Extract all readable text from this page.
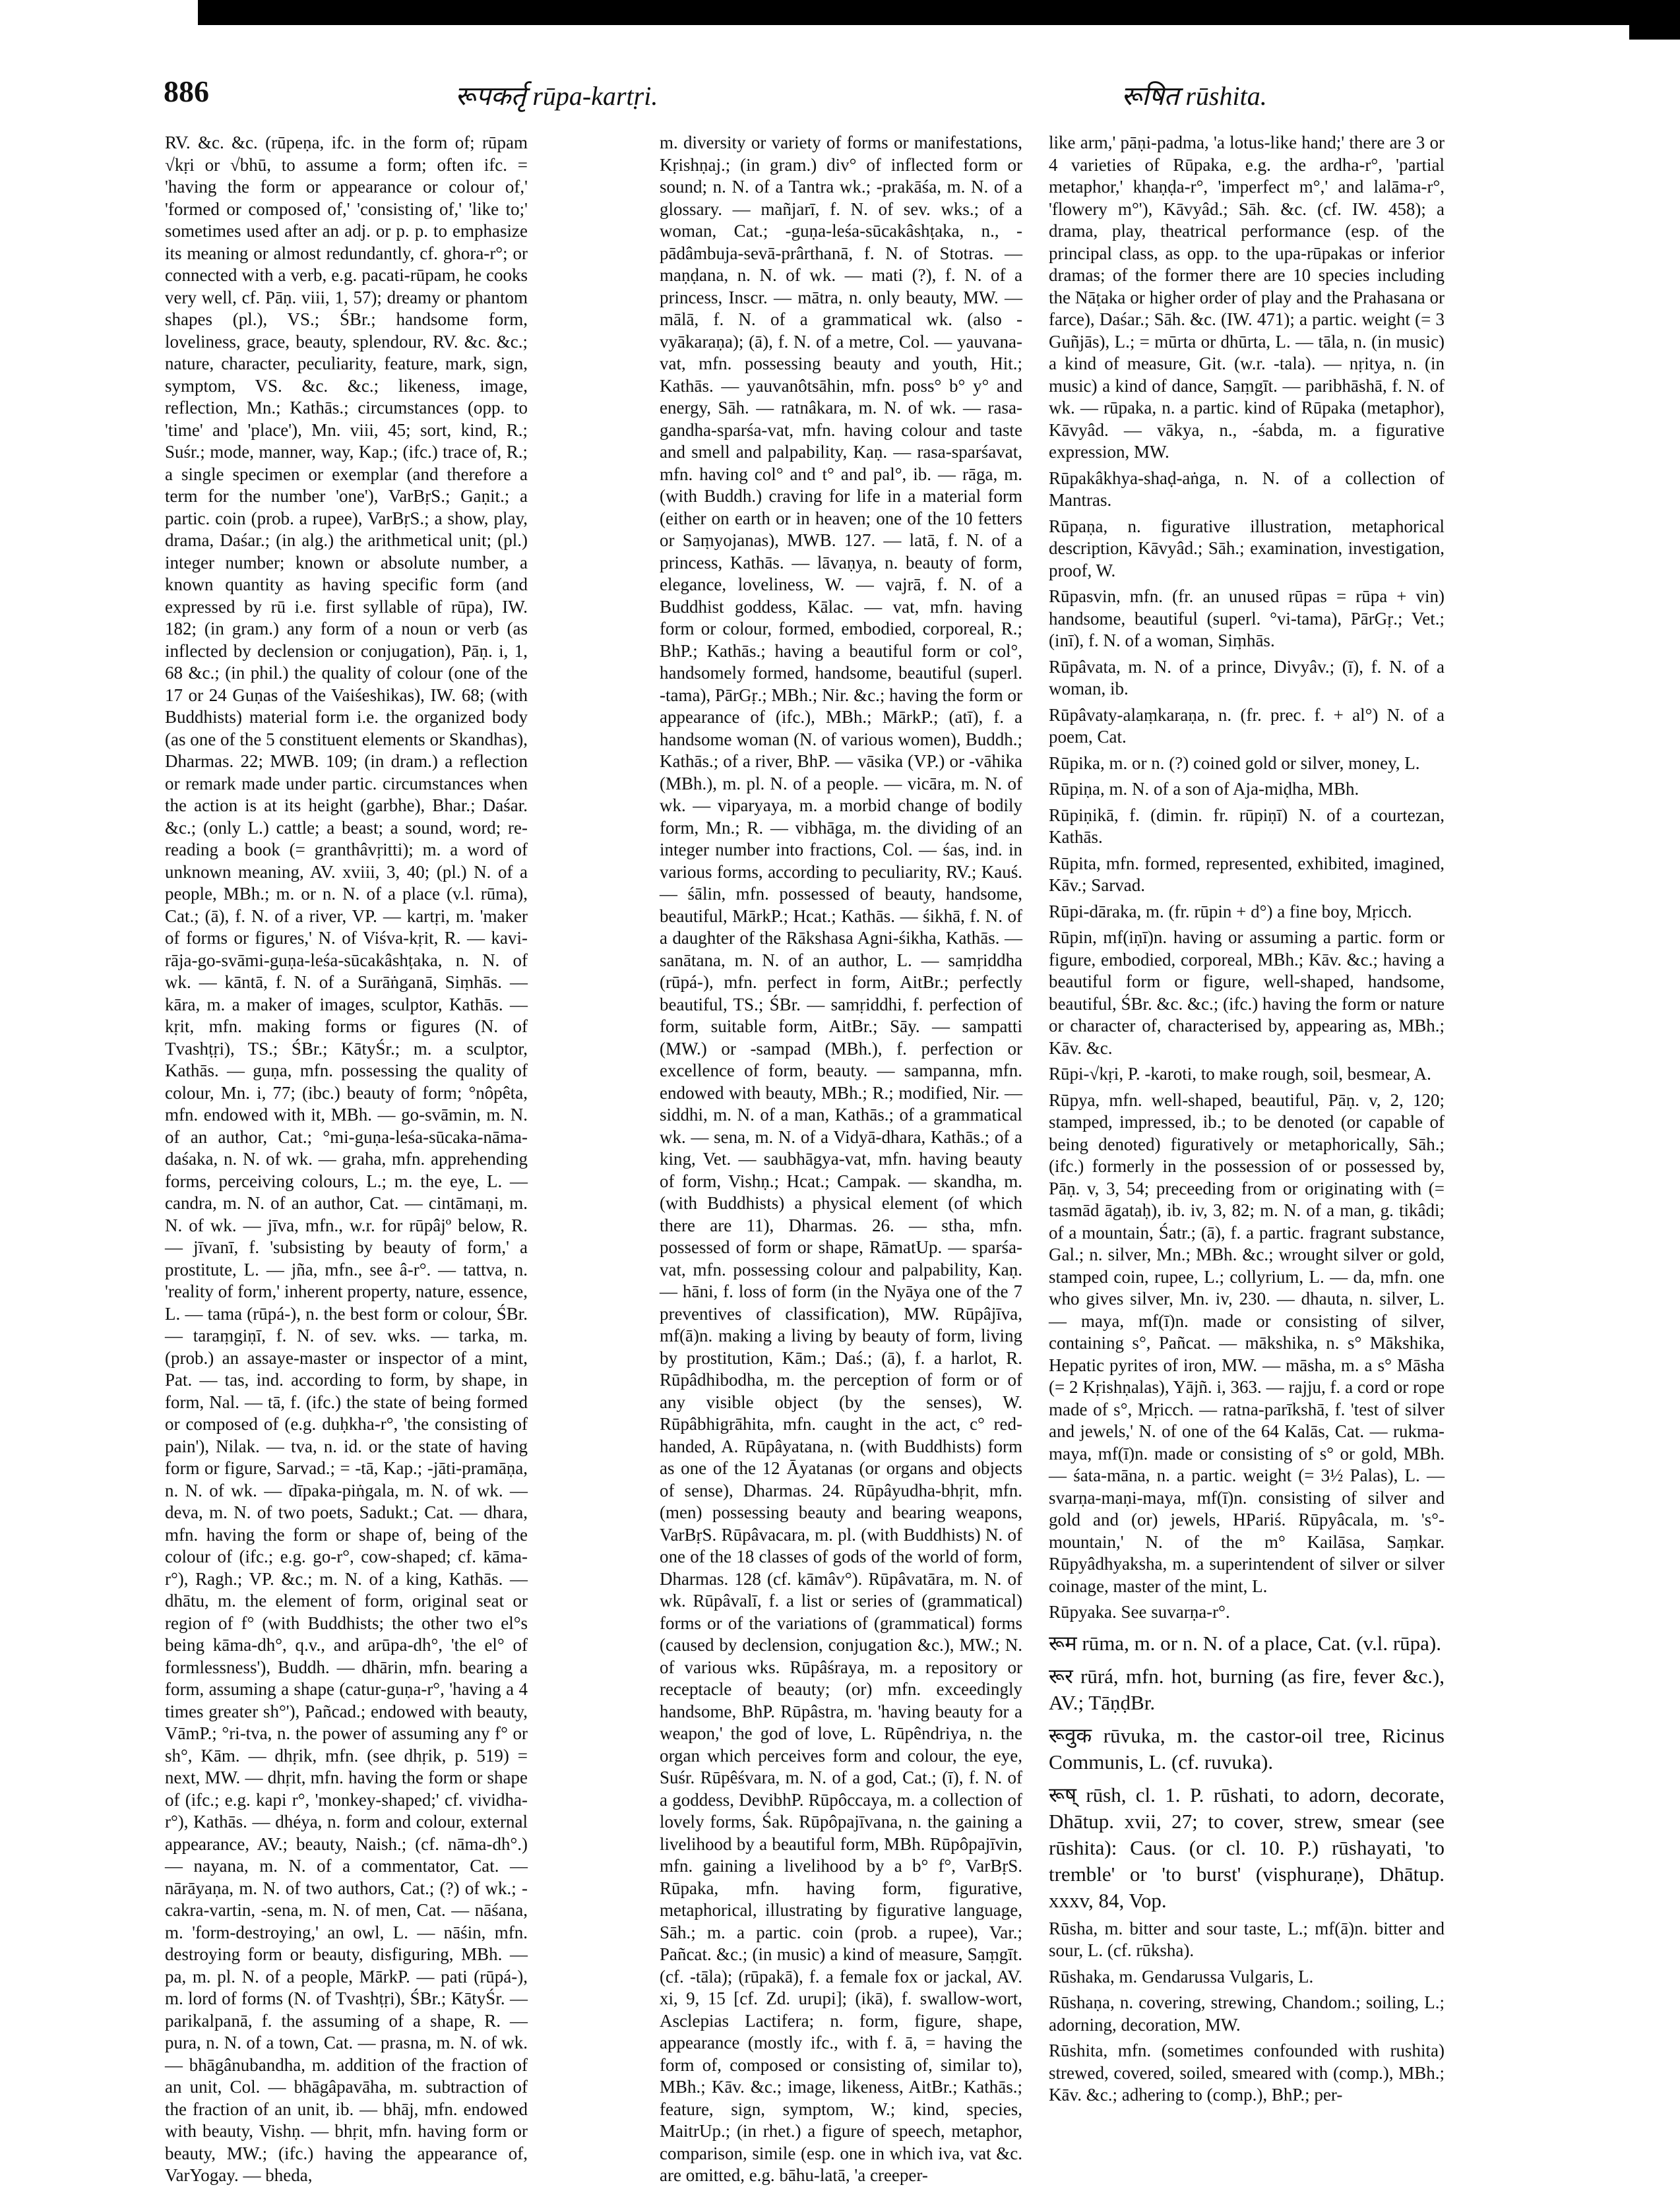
886	रूपकर्तृ rūpa-kartṛi.	रूषित rūshita.

RV. &c. &c. (rūpeṇa, ifc. in the form of; rūpam √kṛi or √bhū, to assume a form; often ifc. = 'having the form or appearance or colour of,' 'formed or composed of,' 'consisting of,' 'like to;' sometimes used after an adj. or p. p. to emphasize its meaning or almost redundantly, cf. ghora-r°; or connected with a verb, e.g. pacati-rūpam, he cooks very well, cf. Pāṇ. viii, 1, 57); dreamy or phantom shapes (pl.), VS.; ŚBr.; handsome form, loveliness, grace, beauty, splendour, RV. &c. &c.; nature, character, peculiarity, feature, mark, sign, symptom, VS. &c. &c.; likeness, image, reflection, Mn.; Kathās.; circumstances (opp. to 'time' and 'place'), Mn. viii, 45; sort, kind, R.; Suśr.; mode, manner, way, Kap.; (ifc.) trace of, R.; a single specimen or exemplar (and therefore a term for the number 'one'), VarBṛS.; Gaṇit.; a partic. coin (prob. a rupee), VarBṛS.; a show, play, drama, Daśar.; (in alg.) the arithmetical unit; (pl.) integer number; known or absolute number, a known quantity as having specific form (and expressed by rū i.e. first syllable of rūpa), IW. 182; (in gram.) any form of a noun or verb (as inflected by declension or conjugation), Pāṇ. i, 1, 68 &c.; (in phil.) the quality of colour (one of the 17 or 24 Guṇas of the Vaiśeshikas), IW. 68; (with Buddhists) material form i.e. the organized body (as one of the 5 constituent elements or Skandhas), Dharmas. 22; MWB. 109; (in dram.) a reflection or remark made under partic. circumstances when the action is at its height (garbhe), Bhar.; Daśar. &c.; (only L.) cattle; a beast; a sound, word; re-reading a book (= granthâvṛitti); m. a word of unknown meaning, AV. xviii, 3, 40; (pl.) N. of a people, MBh.; m. or n. N. of a place (v.l. rūma), Cat.; (ā), f. N. of a river, VP. — kartṛi, m. 'maker of forms or figures,' N. of Viśva-kṛit, R. — kavi-rāja-go-svāmi-guṇa-leśa-sūcakâshṭaka, n. N. of wk. — kāntā, f. N. of a Surāṅganā, Siṃhās. — kāra, m. a maker of images, sculptor, Kathās. — kṛit, mfn. making forms or figures (N. of Tvashṭṛi), TS.; ŚBr.; KātyŚr.; m. a sculptor, Kathās. — guṇa, mfn. possessing the quality of colour, Mn. i, 77; (ibc.) beauty of form; °nôpêta, mfn. endowed with it, MBh. — go-svāmin, m. N. of an author, Cat.; °mi-guṇa-leśa-sūcaka-nāma-daśaka, n. N. of wk. — graha, mfn. apprehending forms, perceiving colours, L.; m. the eye, L. — candra, m. N. of an author, Cat. — cintāmaṇi, m. N. of wk. — jīva, mfn., w.r. for rūpâjº below, R. — jīvanī, f. 'subsisting by beauty of form,' a prostitute, L. — jña, mfn., see â-r°. — tattva, n. 'reality of form,' inherent property, nature, essence, L. — tama (rūpá-), n. the best form or colour, ŚBr. — taraṃgiṇī, f. N. of sev. wks. — tarka, m. (prob.) an assaye-master or inspector of a mint, Pat. — tas, ind. according to form, by shape, in form, Nal. — tā, f. (ifc.) the state of being formed or composed of (e.g. duḥkha-r°, 'the consisting of pain'), Nilak. — tva, n. id. or the state of having form or figure, Sarvad.; = -tā, Kap.; -jāti-pramāṇa, n. N. of wk. — dīpaka-piṅgala, m. N. of wk. — deva, m. N. of two poets, Sadukt.; Cat. — dhara, mfn. having the form or shape of, being of the colour of (ifc.; e.g. go-r°, cow-shaped; cf. kāma-r°), Ragh.; VP. &c.; m. N. of a king, Kathās. — dhātu, m. the element of form, original seat or region of f° (with Buddhists; the other two el°s being kāma-dh°, q.v., and arūpa-dh°, 'the el° of formlessness'), Buddh. — dhārin, mfn. bearing a form, assuming a shape (catur-guṇa-r°, 'having a 4 times greater sh°'), Pañcad.; endowed with beauty, VāmP.; °ri-tva, n. the power of assuming any f° or sh°, Kām. — dhṛik, mfn. (see dhṛik, p. 519) = next, MW. — dhṛit, mfn. having the form or shape of (ifc.; e.g. kapi r°, 'monkey-shaped;' cf. vividha-r°), Kathās. — dhéya, n. form and colour, external appearance, AV.; beauty, Naish.; (cf. nāma-dh°.) — nayana, m. N. of a commentator, Cat. — nārāyaṇa, m. N. of two authors, Cat.; (?) of wk.; -cakra-vartin, -sena, m. N. of men, Cat. — nāśana, m. 'form-destroying,' an owl, L. — nāśin, mfn. destroying form or beauty, disfiguring, MBh. — pa, m. pl. N. of a people, MārkP. — pati (rūpá-), m. lord of forms (N. of Tvashṭṛi), ŚBr.; KātyŚr. — parikalpanā, f. the assuming of a shape, R. — pura, n. N. of a town, Cat. — prasna, m. N. of wk. — bhāgânubandha, m. addition of the fraction of an unit, Col. — bhāgâpavāha, m. subtraction of the fraction of an unit, ib. — bhāj, mfn. endowed with beauty, Vishṇ. — bhṛit, mfn. having form or beauty, MW.; (ifc.) having the appearance of, VarYogay. — bheda,

m. diversity or variety of forms or manifestations, Kṛishṇaj.; (in gram.) div° of inflected form or sound; n. N. of a Tantra wk.; -prakāśa, m. N. of a glossary. — mañjarī, f. N. of sev. wks.; of a woman, Cat.; -guṇa-leśa-sūcakâshṭaka, n., -pādâmbuja-sevā-prârthanā, f. N. of Stotras. — maṇḍana, n. N. of wk. — mati (?), f. N. of a princess, Inscr. — mātra, n. only beauty, MW. — mālā, f. N. of a grammatical wk. (also -vyākaraṇa); (ā), f. N. of a metre, Col. — yauvana-vat, mfn. possessing beauty and youth, Hit.; Kathās. — yauvanôtsāhin, mfn. poss° b° y° and energy, Sāh. — ratnâkara, m. N. of wk. — rasa-gandha-sparśa-vat, mfn. having colour and taste and smell and palpability, Kaṇ. — rasa-sparśavat, mfn. having col° and t° and pal°, ib. — rāga, m. (with Buddh.) craving for life in a material form (either on earth or in heaven; one of the 10 fetters or Saṃyojanas), MWB. 127. — latā, f. N. of a princess, Kathās. — lāvaṇya, n. beauty of form, elegance, loveliness, W. — vajrā, f. N. of a Buddhist goddess, Kālac. — vat, mfn. having form or colour, formed, embodied, corporeal, R.; BhP.; Kathās.; having a beautiful form or col°, handsomely formed, handsome, beautiful (superl. -tama), PārGṛ.; MBh.; Nir. &c.; having the form or appearance of (ifc.), MBh.; MārkP.; (atī), f. a handsome woman (N. of various women), Buddh.; Kathās.; of a river, BhP. — vāsika (VP.) or -vāhika (MBh.), m. pl. N. of a people. — vicāra, m. N. of wk. — viparyaya, m. a morbid change of bodily form, Mn.; R. — vibhāga, m. the dividing of an integer number into fractions, Col. — śas, ind. in various forms, according to peculiarity, RV.; Kauś. — śālin, mfn. possessed of beauty, handsome, beautiful, MārkP.; Hcat.; Kathās. — śikhā, f. N. of a daughter of the Rākshasa Agni-śikha, Kathās. — sanātana, m. N. of an author, L. — samṛiddha (rūpá-), mfn. perfect in form, AitBr.; perfectly beautiful, TS.; ŚBr. — samṛiddhi, f. perfection of form, suitable form, AitBr.; Sāy. — sampatti (MW.) or -sampad (MBh.), f. perfection or excellence of form, beauty. — sampanna, mfn. endowed with beauty, MBh.; R.; modified, Nir. — siddhi, m. N. of a man, Kathās.; of a grammatical wk. — sena, m. N. of a Vidyā-dhara, Kathās.; of a king, Vet. — saubhāgya-vat, mfn. having beauty of form, Vishṇ.; Hcat.; Campak. — skandha, m. (with Buddhists) a physical element (of which there are 11), Dharmas. 26. — stha, mfn. possessed of form or shape, RāmatUp. — sparśa-vat, mfn. possessing colour and palpability, Kaṇ. — hāni, f. loss of form (in the Nyāya one of the 7 preventives of classification), MW. Rūpâjīva, mf(ā)n. making a living by beauty of form, living by prostitution, Kām.; Daś.; (ā), f. a harlot, R. Rūpâdhibodha, m. the perception of form or of any visible object (by the senses), W. Rūpâbhigrāhita, mfn. caught in the act, c° red-handed, A. Rūpâyatana, n. (with Buddhists) form as one of the 12 Āyatanas (or organs and objects of sense), Dharmas. 24. Rūpâyudha-bhṛit, mfn. (men) possessing beauty and bearing weapons, VarBṛS. Rūpâvacara, m. pl. (with Buddhists) N. of one of the 18 classes of gods of the world of form, Dharmas. 128 (cf. kāmâv°). Rūpâvatāra, m. N. of wk. Rūpâvalī, f. a list or series of (grammatical) forms or of the variations of (grammatical) forms (caused by declension, conjugation &c.), MW.; N. of various wks. Rūpâśraya, m. a repository or receptacle of beauty; (or) mfn. exceedingly handsome, BhP. Rūpâstra, m. 'having beauty for a weapon,' the god of love, L. Rūpêndriya, n. the organ which perceives form and colour, the eye, Suśr. Rūpêśvara, m. N. of a god, Cat.; (ī), f. N. of a goddess, DevibhP. Rūpôccaya, m. a collection of lovely forms, Śak. Rūpôpajīvana, n. the gaining a livelihood by a beautiful form, MBh. Rūpôpajīvin, mfn. gaining a livelihood by a b° f°, VarBṛS. Rūpaka, mfn. having form, figurative, metaphorical, illustrating by figurative language, Sāh.; m. a partic. coin (prob. a rupee), Var.; Pañcat. &c.; (in music) a kind of measure, Saṃgīt. (cf. -tāla); (rūpakā), f. a female fox or jackal, AV. xi, 9, 15 [cf. Zd. urupi]; (ikā), f. swallow-wort, Asclepias Lactifera; n. form, figure, shape, appearance (mostly ifc., with f. ā, = having the form of, composed or consisting of, similar to), MBh.; Kāv. &c.; image, likeness, AitBr.; Kathās.; feature, sign, symptom, W.; kind, species, MaitrUp.; (in rhet.) a figure of speech, metaphor, comparison, simile (esp. one in which iva, vat &c. are omitted, e.g. bāhu-latā, 'a creeper-

like arm,' pāṇi-padma, 'a lotus-like hand;' there are 3 or 4 varieties of Rūpaka, e.g. the ardha-r°, 'partial metaphor,' khaṇḍa-r°, 'imperfect m°,' and lalāma-r°, 'flowery m°'), Kāvyâd.; Sāh. &c. (cf. IW. 458); a drama, play, theatrical performance (esp. of the principal class, as opp. to the upa-rūpakas or inferior dramas; of the former there are 10 species including the Nāṭaka or higher order of play and the Prahasana or farce), Daśar.; Sāh. &c. (IW. 471); a partic. weight (= 3 Guñjās), L.; = mūrta or dhūrta, L. — tāla, n. (in music) a kind of measure, Git. (w.r. -tala). — nṛitya, n. (in music) a kind of dance, Saṃgīt. — paribhāshā, f. N. of wk. — rūpaka, n. a partic. kind of Rūpaka (metaphor), Kāvyâd. — vākya, n., -śabda, m. a figurative expression, MW.

Rūpakâkhya-shaḍ-aṅga, n. N. of a collection of Mantras.

Rūpaṇa, n. figurative illustration, metaphorical description, Kāvyâd.; Sāh.; examination, investigation, proof, W.

Rūpasvin, mfn. (fr. an unused rūpas = rūpa + vin) handsome, beautiful (superl. °vi-tama), PārGṛ.; Vet.; (inī), f. N. of a woman, Siṃhās.

Rūpâvata, m. N. of a prince, Divyâv.; (ī), f. N. of a woman, ib.

Rūpâvaty-alaṃkaraṇa, n. (fr. prec. f. + al°) N. of a poem, Cat.

Rūpika, m. or n. (?) coined gold or silver, money, L.

Rūpiṇa, m. N. of a son of Aja-miḍha, MBh.

Rūpiṇikā, f. (dimin. fr. rūpiṇī) N. of a courtezan, Kathās.

Rūpita, mfn. formed, represented, exhibited, imagined, Kāv.; Sarvad.

Rūpi-dāraka, m. (fr. rūpin + d°) a fine boy, Mṛicch.

Rūpin, mf(iṇī)n. having or assuming a partic. form or figure, embodied, corporeal, MBh.; Kāv. &c.; having a beautiful form or figure, well-shaped, handsome, beautiful, ŚBr. &c. &c.; (ifc.) having the form or nature or character of, characterised by, appearing as, MBh.; Kāv. &c.

Rūpi-√kṛi, P. -karoti, to make rough, soil, besmear, A.

Rūpya, mfn. well-shaped, beautiful, Pāṇ. v, 2, 120; stamped, impressed, ib.; to be denoted (or capable of being denoted) figuratively or metaphorically, Sāh.; (ifc.) formerly in the possession of or possessed by, Pāṇ. v, 3, 54; preceeding from or originating with (= tasmād āgataḥ), ib. iv, 3, 82; m. N. of a man, g. tikâdi; of a mountain, Śatr.; (ā), f. a partic. fragrant substance, Gal.; n. silver, Mn.; MBh. &c.; wrought silver or gold, stamped coin, rupee, L.; collyrium, L. — da, mfn. one who gives silver, Mn. iv, 230. — dhauta, n. silver, L. — maya, mf(ī)n. made or consisting of silver, containing s°, Pañcat. — mākshika, n. s° Mākshika, Hepatic pyrites of iron, MW. — māsha, m. a s° Māsha (= 2 Kṛishṇalas), Yājñ. i, 363. — rajju, f. a cord or rope made of s°, Mṛicch. — ratna-parīkshā, f. 'test of silver and jewels,' N. of one of the 64 Kalās, Cat. — rukma-maya, mf(ī)n. made or consisting of s° or gold, MBh. — śata-māna, n. a partic. weight (= 3½ Palas), L. — svarṇa-maṇi-maya, mf(ī)n. consisting of silver and gold and (or) jewels, HPariś. Rūpyâcala, m. 's°-mountain,' N. of the m° Kailāsa, Saṃkar. Rūpyâdhyaksha, m. a superintendent of silver or silver coinage, master of the mint, L.

Rūpyaka. See suvarṇa-r°.

रूम rūma, m. or n. N. of a place, Cat. (v.l. rūpa).

रूर rūrá, mfn. hot, burning (as fire, fever &c.), AV.; TāṇḍBr.

रूवुक rūvuka, m. the castor-oil tree, Ricinus Communis, L. (cf. ruvuka).

रूष् rūsh, cl. 1. P. rūshati, to adorn, decorate, Dhātup. xvii, 27; to cover, strew, smear (see rūshita): Caus. (or cl. 10. P.) rūshayati, 'to tremble' or 'to burst' (visphuraṇe), Dhātup. xxxv, 84, Vop.

Rūsha, m. bitter and sour taste, L.; mf(ā)n. bitter and sour, L. (cf. rūksha).

Rūshaka, m. Gendarussa Vulgaris, L.

Rūshaṇa, n. covering, strewing, Chandom.; soiling, L.; adorning, decoration, MW.

Rūshita, mfn. (sometimes confounded with rushita) strewed, covered, soiled, smeared with (comp.), MBh.; Kāv. &c.; adhering to (comp.), BhP.; per-
